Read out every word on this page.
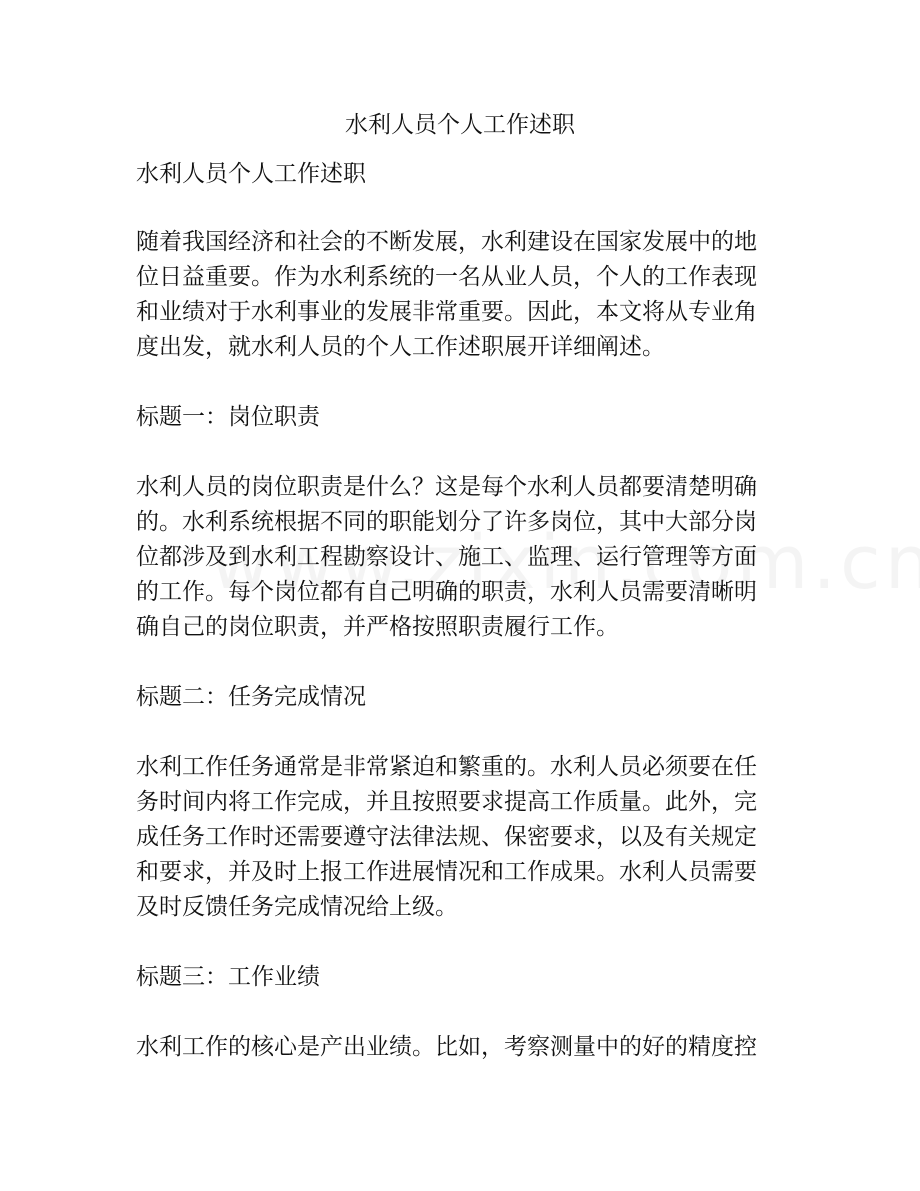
水利人员个人工作述职

水利人员个人工作述职

随着我国经济和社会的不断发展，水利建设在国家发展中的地
位日益重要。作为水利系统的一名从业人员，个人的工作表现
和业绩对于水利事业的发展非常重要。因此，本文将从专业角
度出发，就水利人员的个人工作述职展开详细阐述。

标题一：岗位职责

水利人员的岗位职责是什么？这是每个水利人员都要清楚明确
的。水利系统根据不同的职能划分了许多岗位，其中大部分岗
位都涉及到水利工程勘察设计、施工、监理、运行管理等方面
的工作。每个岗位都有自己明确的职责，水利人员需要清晰明
确自己的岗位职责，并严格按照职责履行工作。

标题二：任务完成情况

水利工作任务通常是非常紧迫和繁重的。水利人员必须要在任
务时间内将工作完成，并且按照要求提高工作质量。此外，完
成任务工作时还需要遵守法律法规、保密要求，以及有关规定
和要求，并及时上报工作进展情况和工作成果。水利人员需要
及时反馈任务完成情况给上级。

标题三：工作业绩

水利工作的核心是产出业绩。比如，考察测量中的好的精度控
